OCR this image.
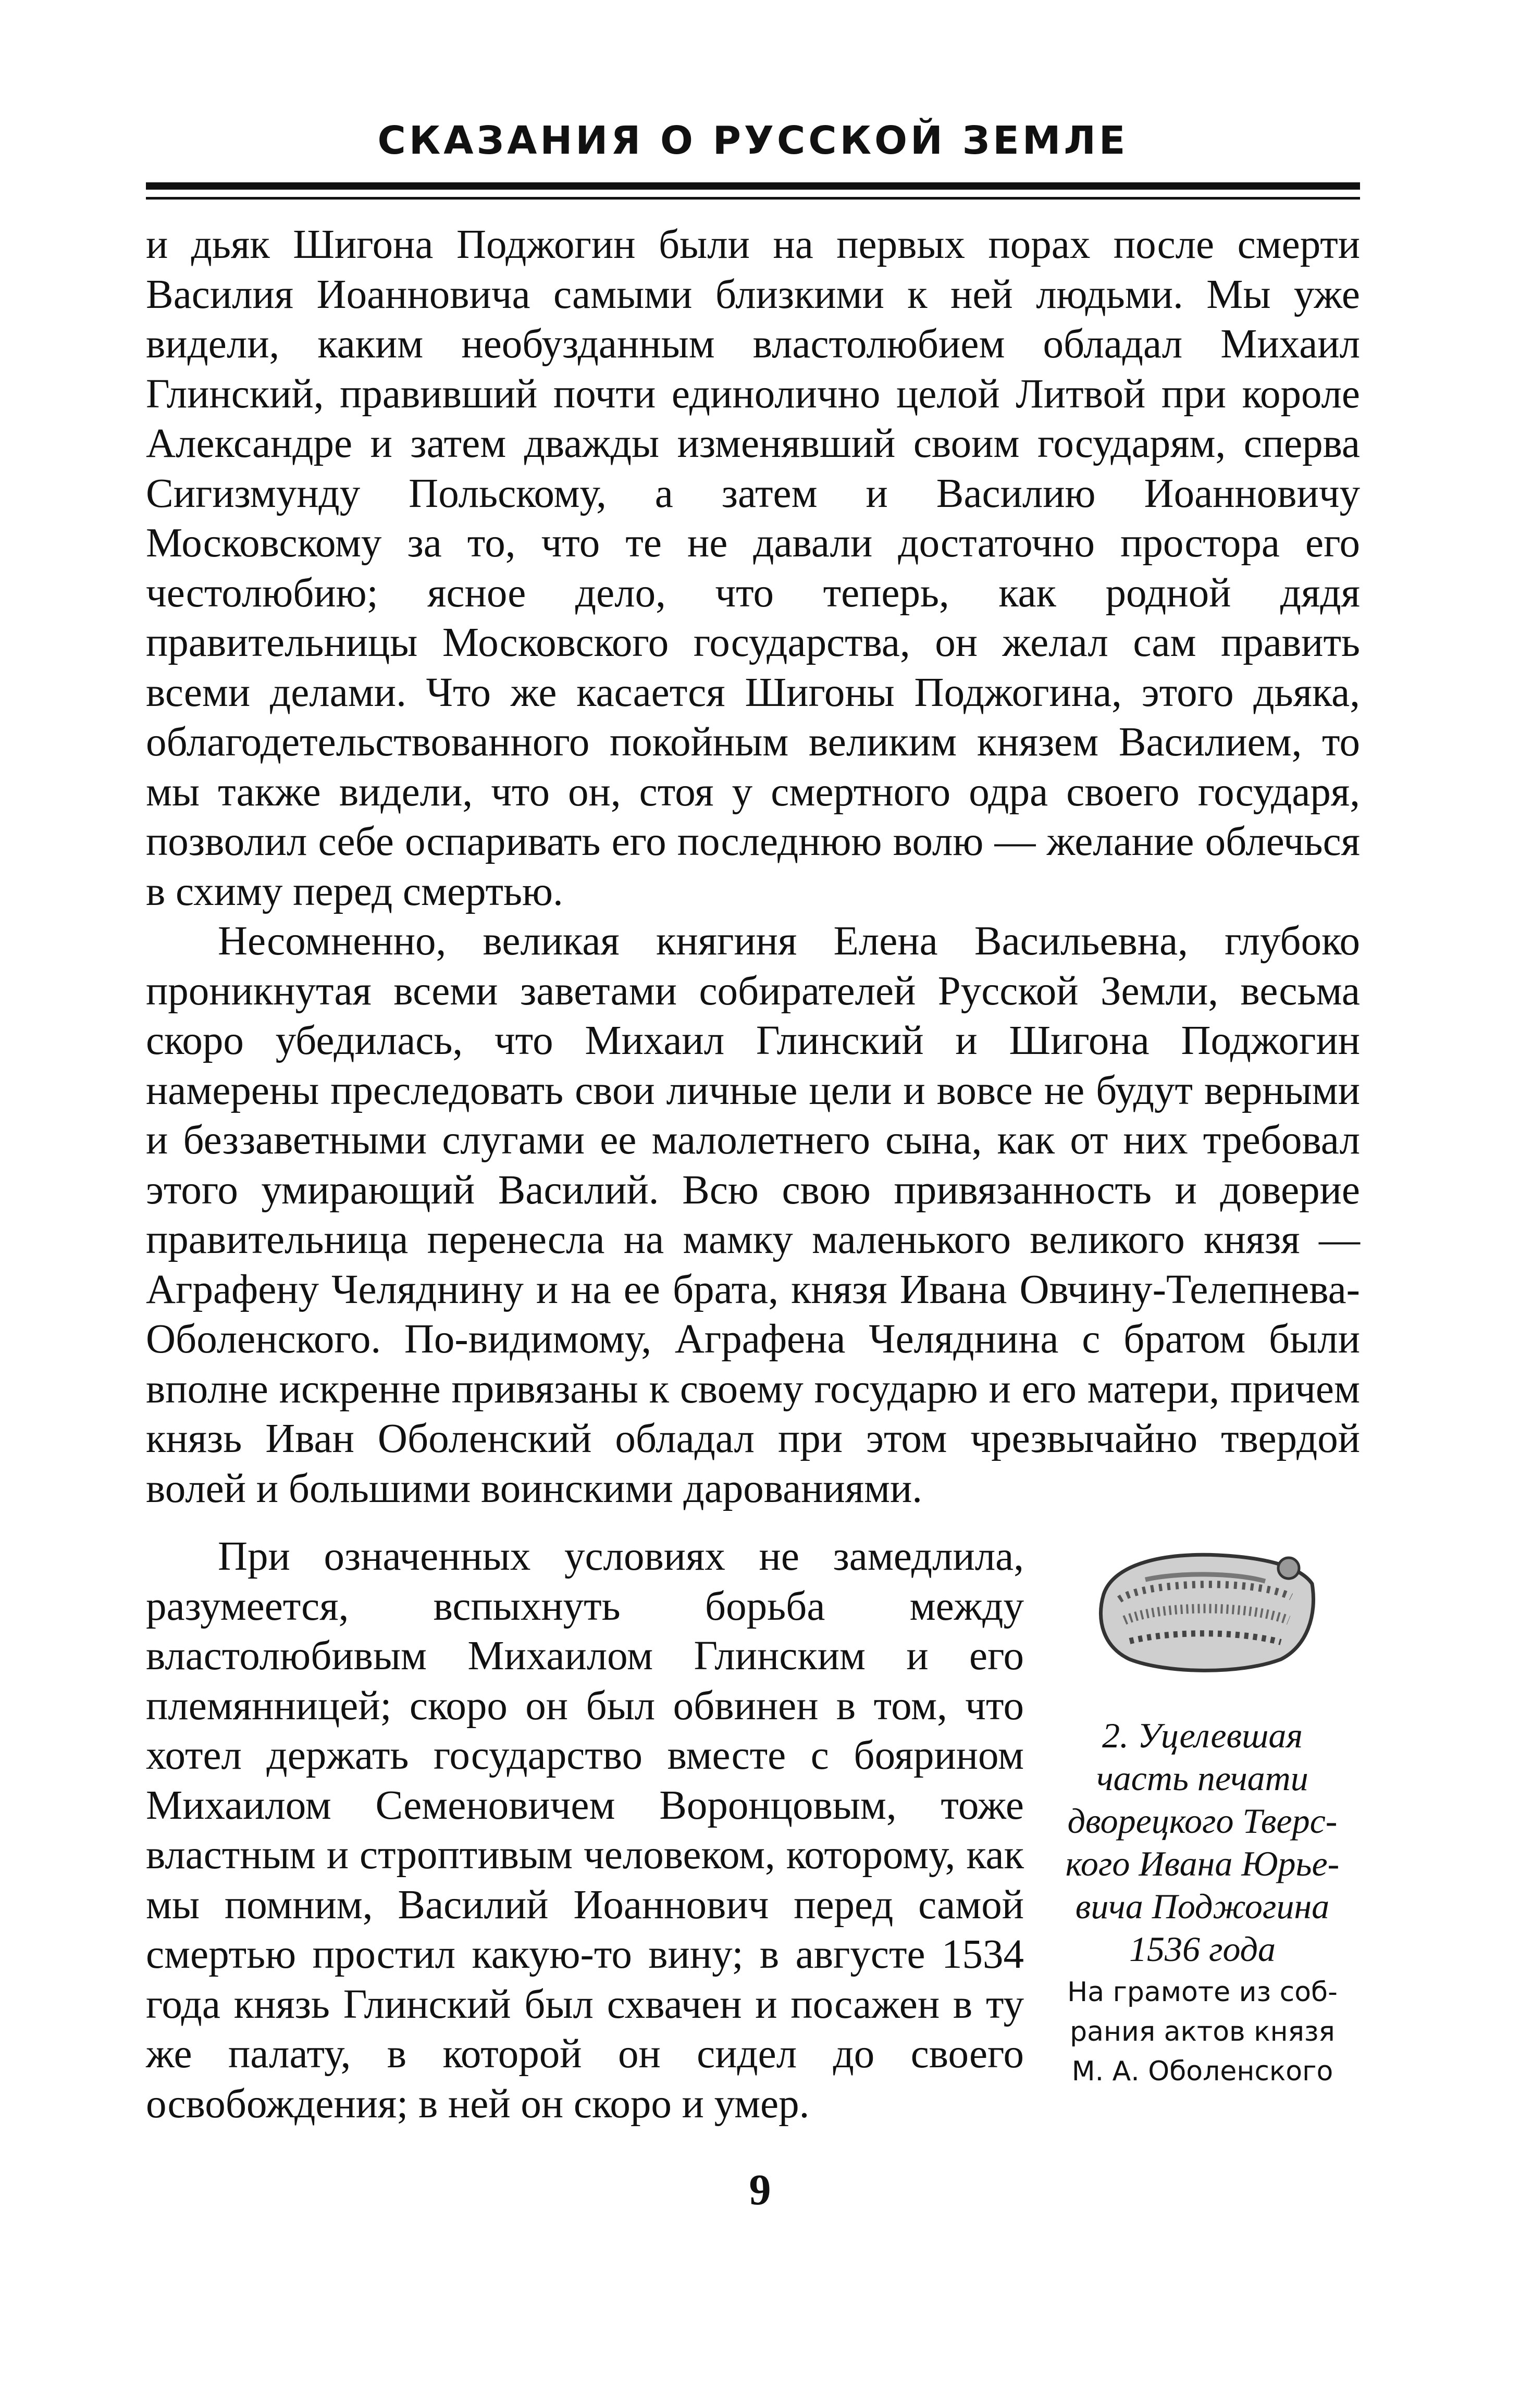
СКАЗАНИЯ О РУССКОЙ ЗЕМЛЕ

и дьяк Шигона Поджогин были на первых порах после смерти Василия Иоанновича самыми близкими к ней людьми. Мы уже видели, каким необузданным властолюбием обладал Михаил Глинский, правивший почти единолично целой Литвой при короле Александре и затем дважды изменявший своим государям, сперва Сигизмунду Польскому, а затем и Василию Иоанновичу Московскому за то, что те не давали достаточно простора его честолюбию; ясное дело, что теперь, как родной дядя правительницы Московского государства, он желал сам править всеми делами. Что же касается Шигоны Поджогина, этого дьяка, облагодетельствованного покойным великим князем Василием, то мы также видели, что он, стоя у смертного одра своего государя, позволил себе оспаривать его последнюю волю — желание облечься в схиму перед смертью.

Несомненно, великая княгиня Елена Васильевна, глубоко проникнутая всеми заветами собирателей Русской Земли, весьма скоро убедилась, что Михаил Глинский и Шигона Поджогин намерены преследовать свои личные цели и вовсе не будут верными и беззаветными слугами ее малолетнего сына, как от них требовал этого умирающий Василий. Всю свою привязанность и доверие правительница перенесла на мамку маленького великого князя — Аграфену Челяднину и на ее брата, князя Ивана Овчину-Телепнева-Оболенского. По-видимому, Аграфена Челяднина с братом были вполне искренне привязаны к своему государю и его матери, причем князь Иван Оболенский обладал при этом чрезвычайно твердой волей и большими воинскими дарованиями.

При означенных условиях не замедлила, разумеется, вспыхнуть борьба между властолюбивым Михаилом Глинским и его племянницей; скоро он был обвинен в том, что хотел держать государство вместе с боярином Михаилом Семеновичем Воронцовым, тоже властным и строптивым человеком, которому, как мы помним, Василий Иоаннович перед самой смертью простил какую-то вину; в августе 1534 года князь Глинский был схвачен и посажен в ту же палату, в которой он сидел до своего освобождения; в ней он скоро и умер.

2. Уцелевшая
часть печати
дворецкого Тверс-
кого Ивана Юрье-
вича Поджогина
1536 года
На грамоте из соб-
рания актов князя
М. А. Оболенского
9
